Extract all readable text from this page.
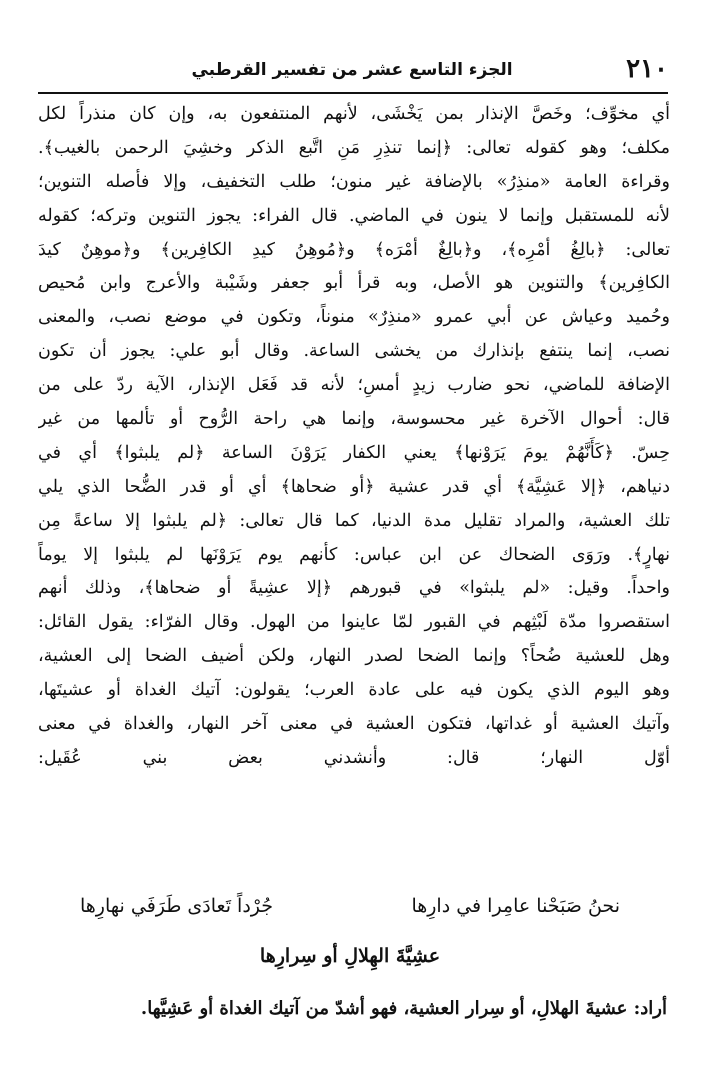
٢١٠
الجزء التاسع عشر من تفسير القرطبي
أي مخوِّف؛ وخَصَّ الإنذار بمن يَخْشَى، لأنهم المنتفعون به، وإن كان منذراً لكل
مكلف؛ وهو كقوله تعالى: ﴿إنما تنذِرِ مَنِ اتَّبع الذكر وخشِيَ الرحمن بالغيب﴾.
وقراءة العامة «منذِرُ» بالإضافة غير منون؛ طلب التخفيف، وإلا فأصله التنوين؛
لأنه للمستقبل وإنما لا ينون في الماضي. قال الفراء: يجوز التنوين وتركه؛ كقوله
تعالى: ﴿بالِغُ أمْرِه﴾، و﴿بالِغٌ أمْرَه﴾ و﴿مُوهِنُ كيدِ الكافِرين﴾ و﴿موهِنٌ كيدَ
الكافِرين﴾ والتنوين هو الأصل، وبه قرأ أبو جعفر وشَيْبة والأعرج وابن مُحيص
وحُميد وعياش عن أبي عمرو «منذِرٌ» منوناً، وتكون في موضع نصب، والمعنى
نصب، إنما ينتفع بإنذارك من يخشى الساعة. وقال أبو علي: يجوز أن تكون
الإضافة للماضي، نحو ضارب زيدٍ أمسِ؛ لأنه قد فَعَل الإنذار، الآية ردّ على من
قال: أحوال الآخرة غير محسوسة، وإنما هي راحة الرُّوح أو تألمها من غير
حِسّ. ﴿كَأَنَّهُمْ يومَ يَرَوْنها﴾ يعني الكفار يَرَوْنَ الساعة ﴿لم يلبثوا﴾ أي في
دنياهم، ﴿إلا عَشِيَّة﴾ أي قدر عشية ﴿أو ضحاها﴾ أي أو قدر الضُّحا الذي يلي
تلك العشية، والمراد تقليل مدة الدنيا، كما قال تعالى: ﴿لم يلبثوا إلا ساعةً مِن
نهارٍ﴾. ورَوَى الضحاك عن ابن عباس: كأنهم يوم يَرَوْنَها لم يلبثوا إلا يوماً
واحداً. وقيل: «لم يلبثوا» في قبورهم ﴿إلا عشِيةً أو ضحاها﴾، وذلك أنهم
استقصروا مدّة لَبْثِهم في القبور لمّا عاينوا من الهول. وقال الفرّاء: يقول القائل:
وهل للعشية ضُحاً؟ وإنما الضحا لصدر النهار، ولكن أضيف الضحا إلى العشية،
وهو اليوم الذي يكون فيه على عادة العرب؛ يقولون: آتيك الغداة أو عشيتَها،
وآتيك العشية أو غداتها، فتكون العشية في معنى آخر النهار، والغداة في معنى
أوّل النهار؛ قال: وأنشدني بعض بني عُقَيل:
نحنُ صَبَحْنا عامِرا في دارِها
جُرْداً تَعادَى طَرَفَي نهارِها
عشِيَّةَ الهِلالِ أو سِرارِها
أراد: عشيةَ الهلالِ، أو سِرار العشية، فهو أشدّ من آتيك الغداة أو عَشِيَّها.
